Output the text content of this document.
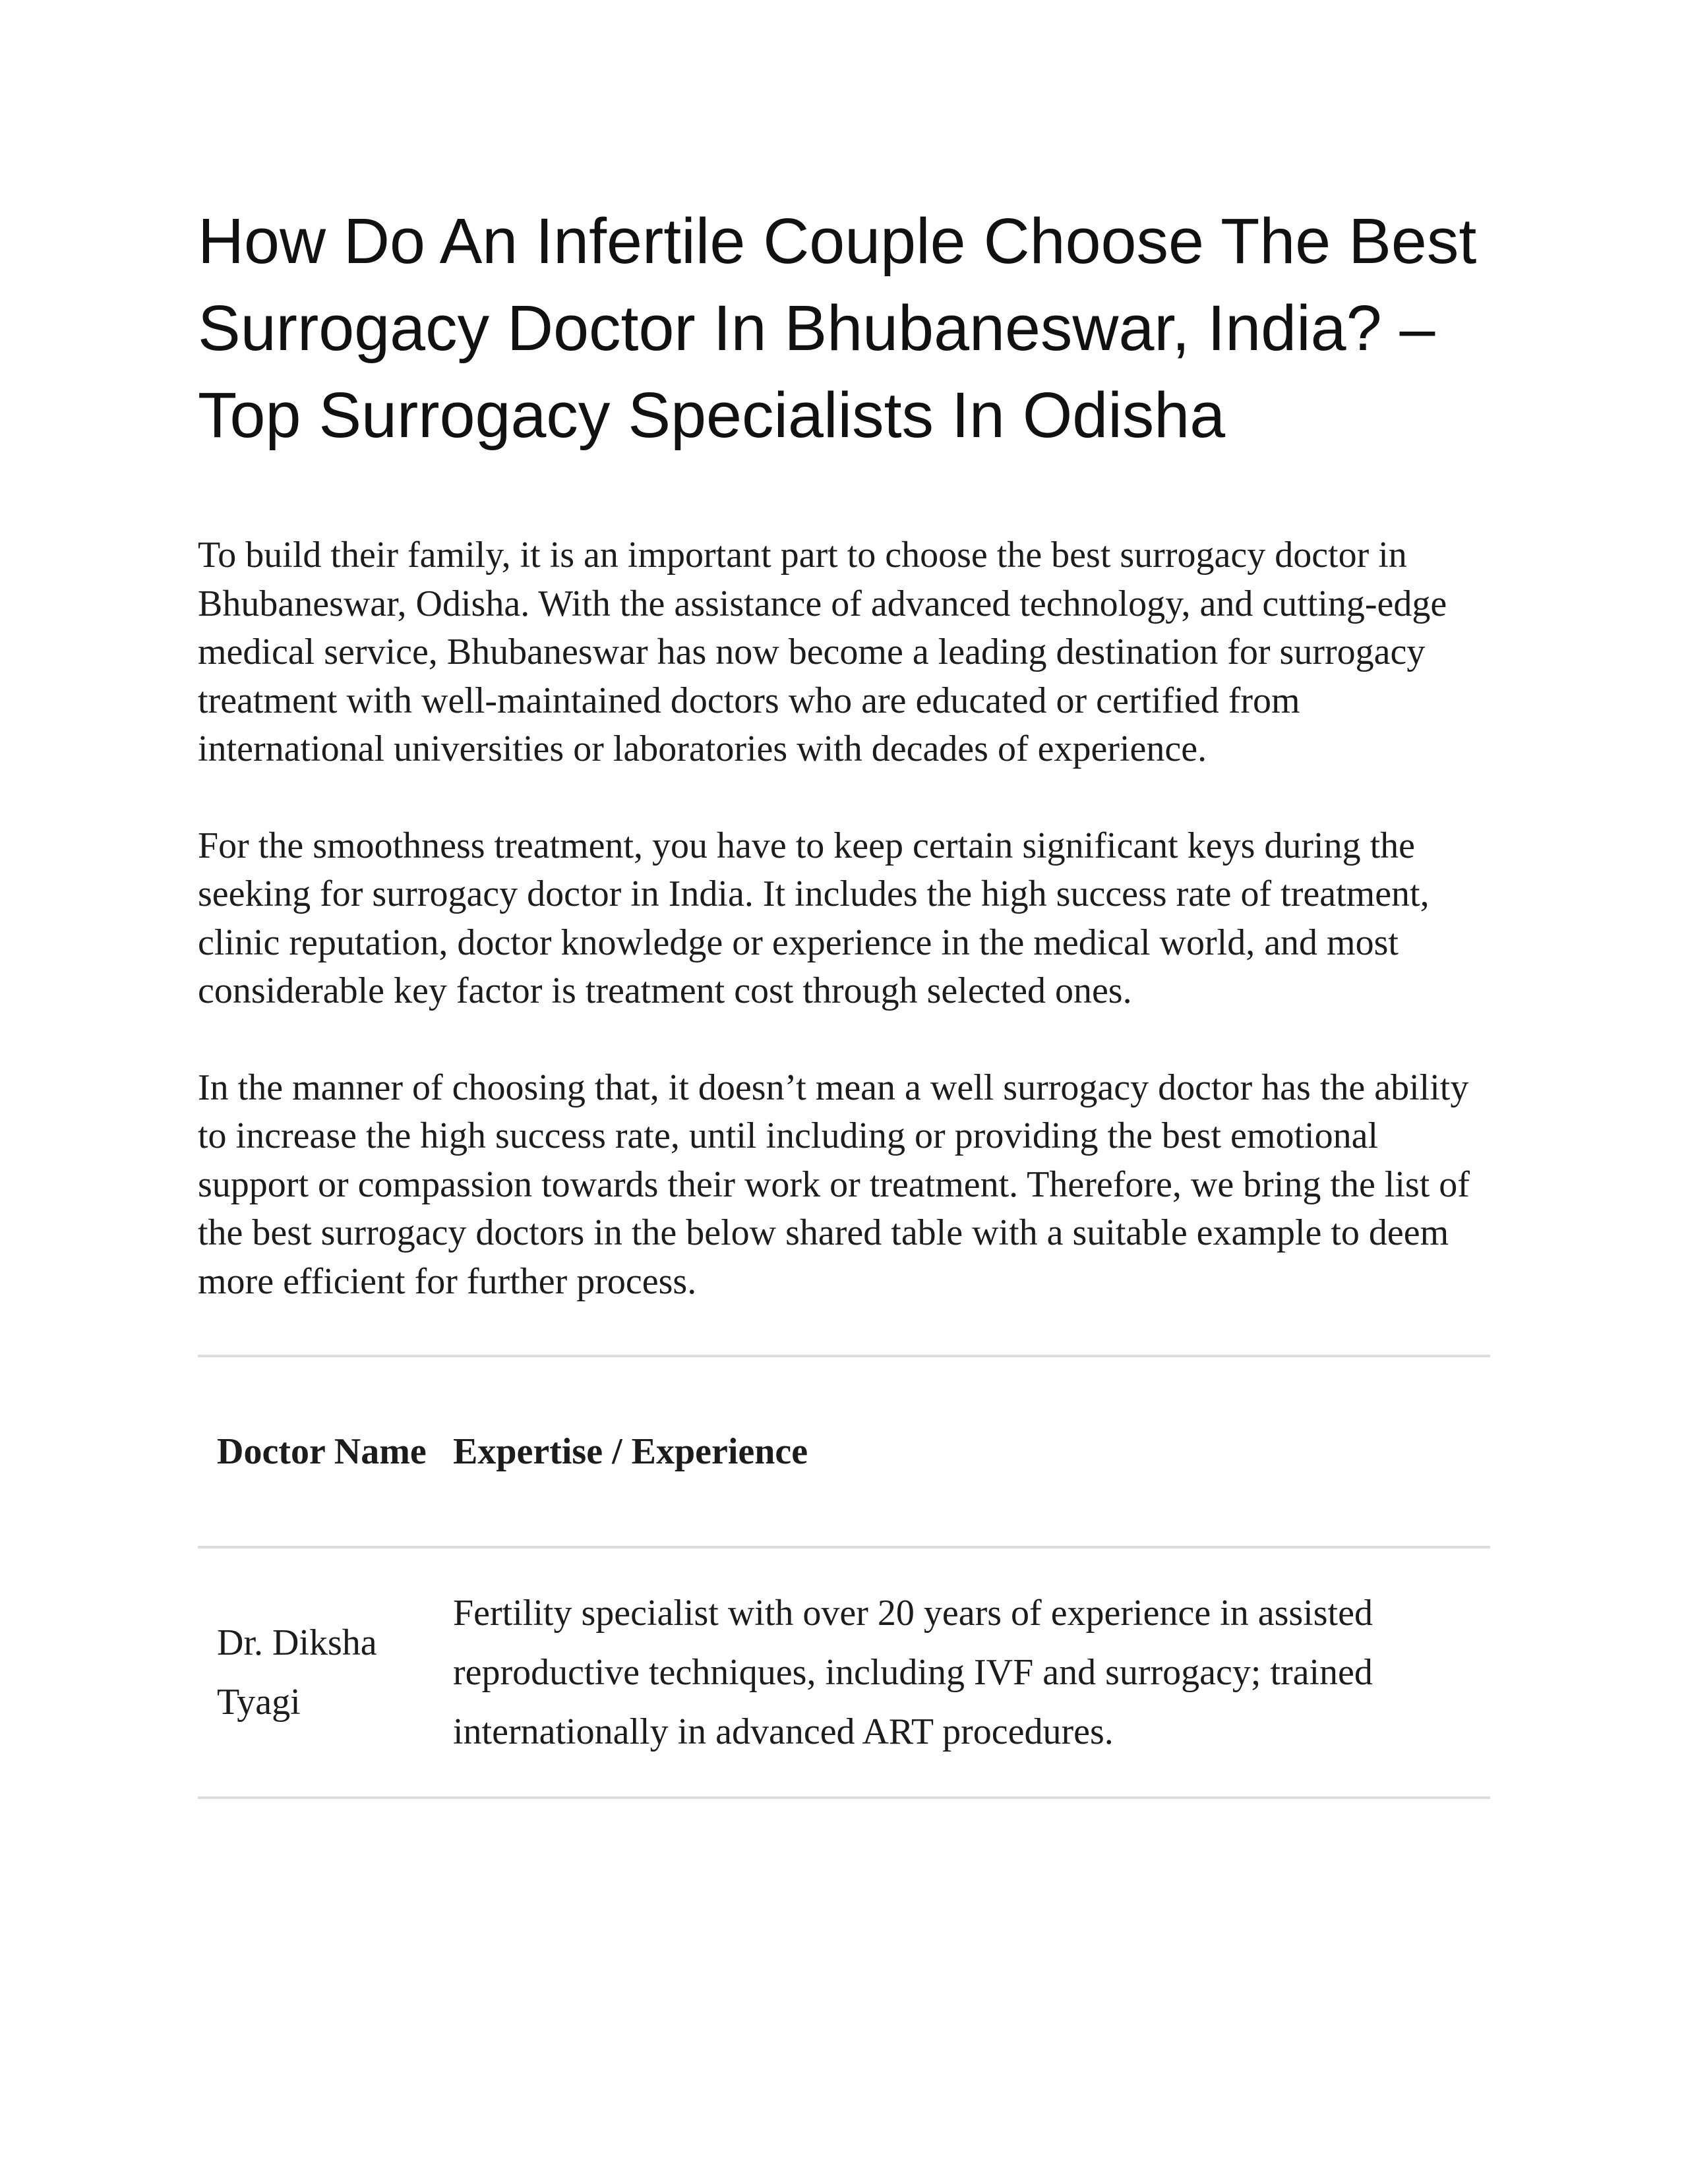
How Do An Infertile Couple Choose The Best Surrogacy Doctor In Bhubaneswar, India? – Top Surrogacy Specialists In Odisha

To build their family, it is an important part to choose the best surrogacy doctor in Bhubaneswar, Odisha. With the assistance of advanced technology, and cutting-edge medical service, Bhubaneswar has now become a leading destination for surrogacy treatment with well-maintained doctors who are educated or certified from international universities or laboratories with decades of experience.

For the smoothness treatment, you have to keep certain significant keys during the seeking for surrogacy doctor in India. It includes the high success rate of treatment, clinic reputation, doctor knowledge or experience in the medical world, and most considerable key factor is treatment cost through selected ones.

In the manner of choosing that, it doesn’t mean a well surrogacy doctor has the ability to increase the high success rate, until including or providing the best emotional support or compassion towards their work or treatment. Therefore, we bring the list of the best surrogacy doctors in the below shared table with a suitable example to deem more efficient for further process.

Doctor Name	Expertise / Experience
Dr. Diksha Tyagi	Fertility specialist with over 20 years of experience in assisted reproductive techniques, including IVF and surrogacy; trained internationally in advanced ART procedures.
